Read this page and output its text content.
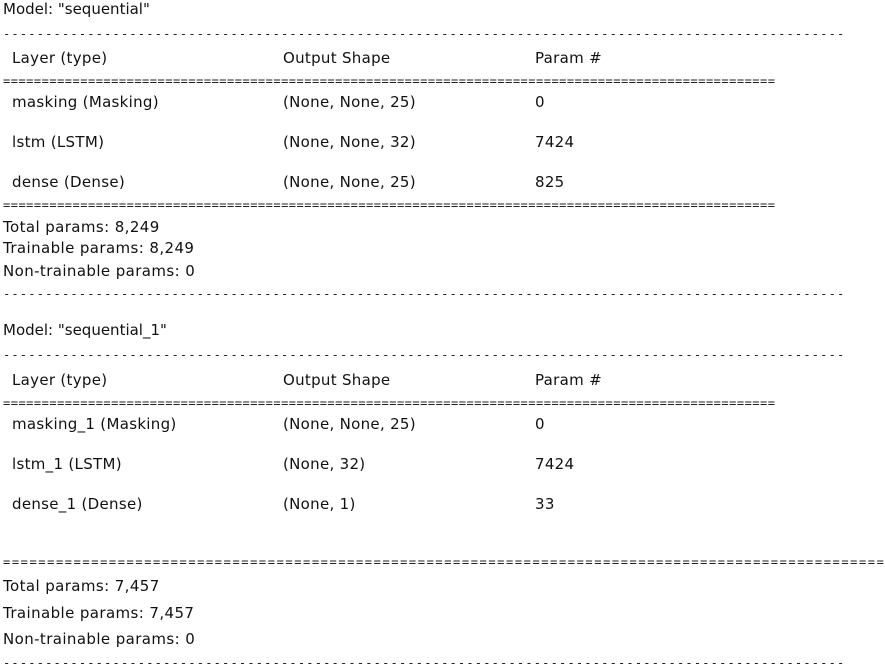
Model: "sequential"
----------------------------------------------------------------------------------------------------
Layer (type)	Output Shape	Param #
====================================================================================================
masking (Masking)	(None, None, 25)	0
lstm (LSTM)	(None, None, 32)	7424
dense (Dense)	(None, None, 25)	825
====================================================================================================
Total params: 8,249
Trainable params: 8,249
Non-trainable params: 0
----------------------------------------------------------------------------------------------------
Model: "sequential_1"
----------------------------------------------------------------------------------------------------
Layer (type)	Output Shape	Param #
====================================================================================================
masking_1 (Masking)	(None, None, 25)	0
lstm_1 (LSTM)	(None, 32)	7424
dense_1 (Dense)	(None, 1)	33
====================================================================================================
Total params: 7,457
Trainable params: 7,457
Non-trainable params: 0
----------------------------------------------------------------------------------------------------
